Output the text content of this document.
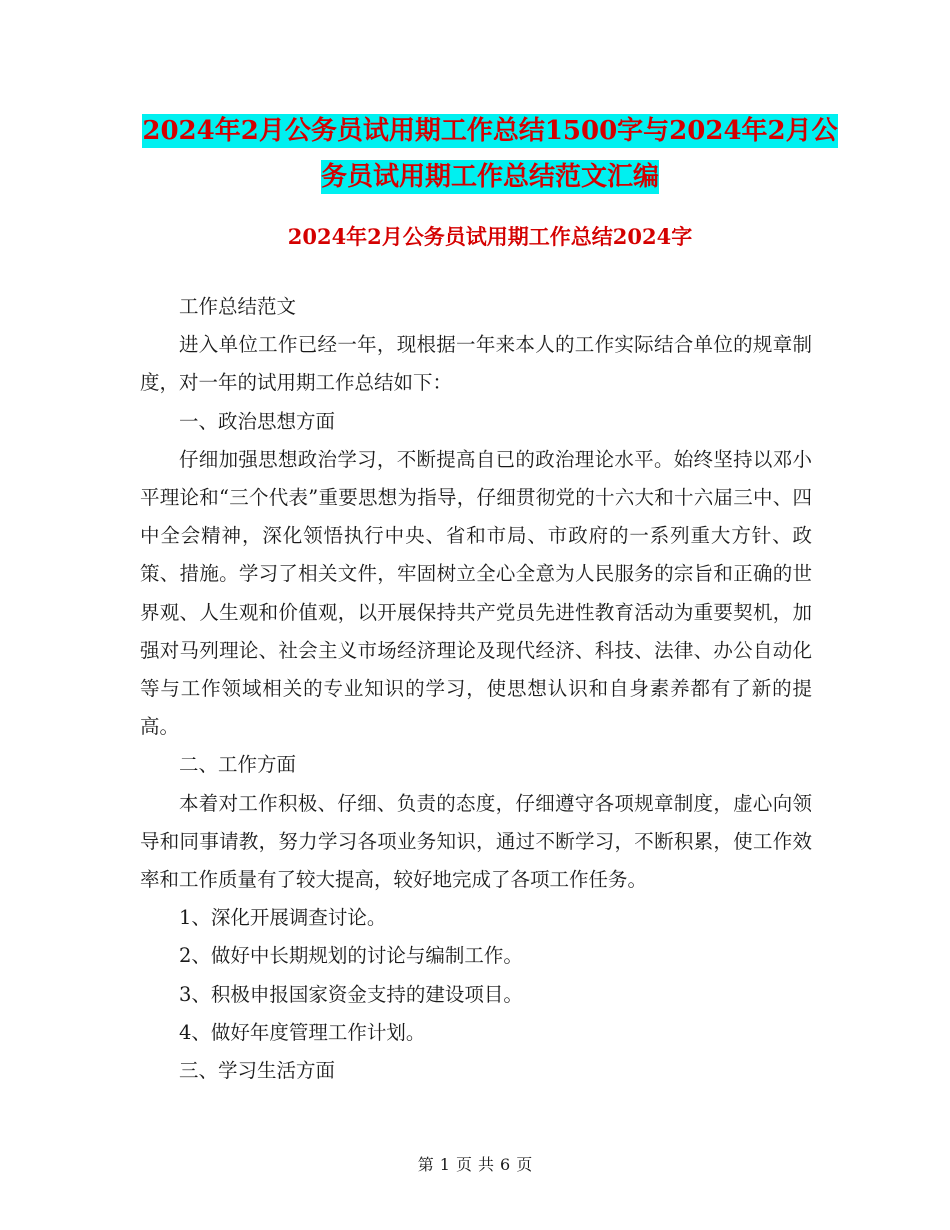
2024年2月公务员试用期工作总结1500字与2024年2月公务员试用期工作总结范文汇编
2024年2月公务员试用期工作总结2024字

工作总结范文

进入单位工作已经一年，现根据一年来本人的工作实际结合单位的规章制度，对一年的试用期工作总结如下：

一、政治思想方面

仔细加强思想政治学习，不断提高自已的政治理论水平。始终坚持以邓小平理论和“三个代表”重要思想为指导，仔细贯彻党的十六大和十六届三中、四中全会精神，深化领悟执行中央、省和市局、市政府的一系列重大方针、政策、措施。学习了相关文件，牢固树立全心全意为人民服务的宗旨和正确的世界观、人生观和价值观，以开展保持共产党员先进性教育活动为重要契机，加强对马列理论、社会主义市场经济理论及现代经济、科技、法律、办公自动化等与工作领域相关的专业知识的学习，使思想认识和自身素养都有了新的提高。

二、工作方面

本着对工作积极、仔细、负责的态度，仔细遵守各项规章制度，虚心向领导和同事请教，努力学习各项业务知识，通过不断学习，不断积累，使工作效率和工作质量有了较大提高，较好地完成了各项工作任务。

1、深化开展调查讨论。

2、做好中长期规划的讨论与编制工作。

3、积极申报国家资金支持的建设项目。

4、做好年度管理工作计划。

三、学习生活方面

第 1 页 共 6 页
